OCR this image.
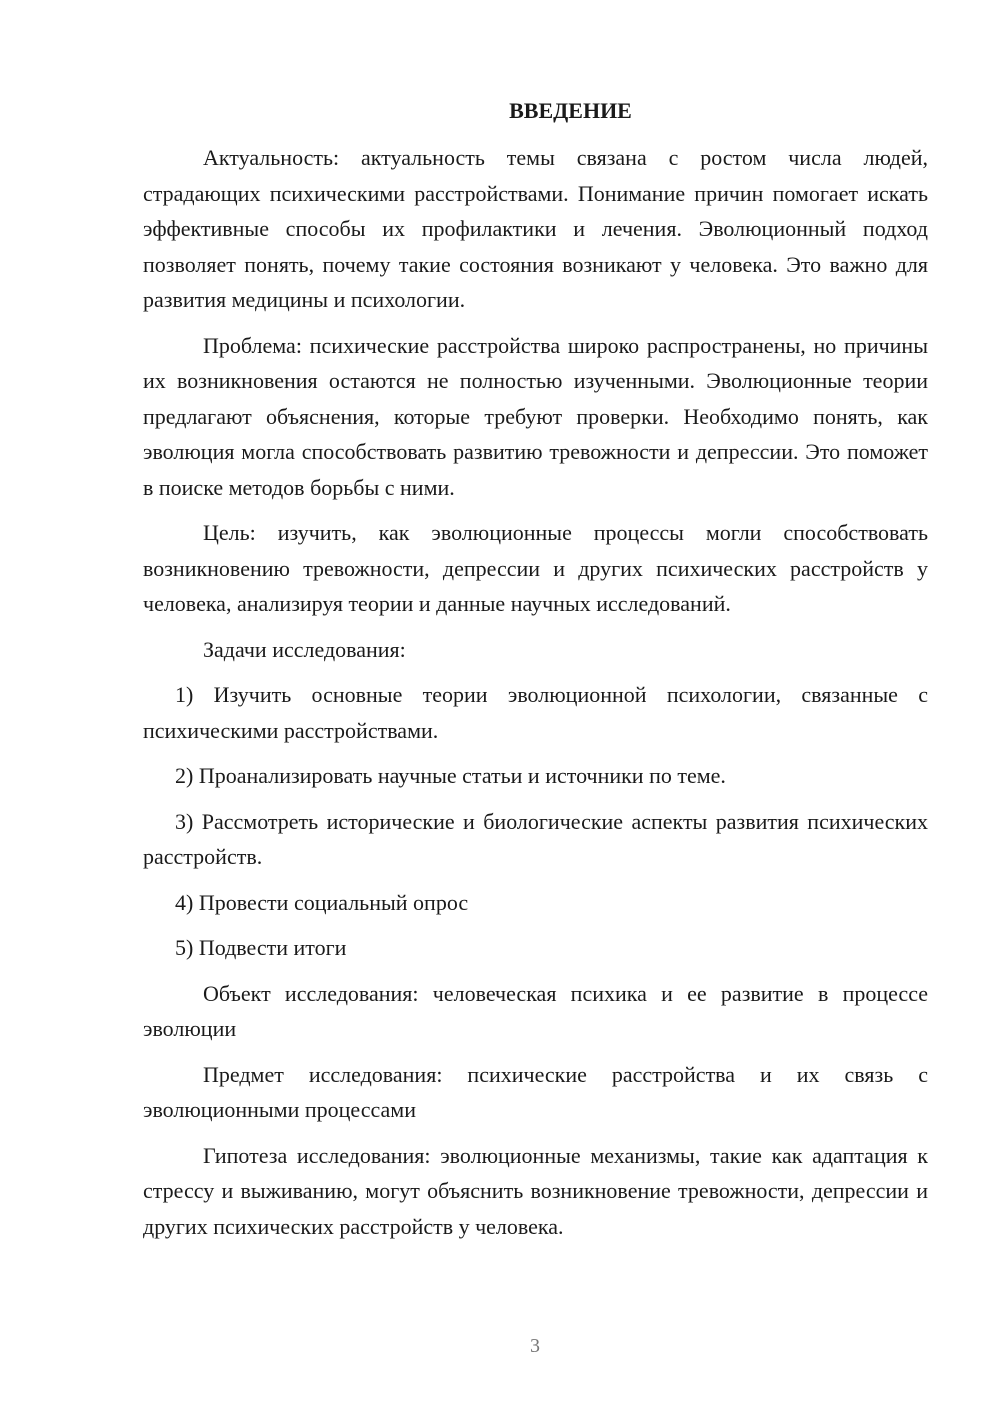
ВВЕДЕНИЕ

Актуальность: актуальность темы связана с ростом числа людей, страдающих психическими расстройствами. Понимание причин помогает искать эффективные способы их профилактики и лечения. Эволюционный подход позволяет понять, почему такие состояния возникают у человека. Это важно для развития медицины и психологии.

Проблема: психические расстройства широко распространены, но причины их возникновения остаются не полностью изученными. Эволюционные теории предлагают объяснения, которые требуют проверки. Необходимо понять, как эволюция могла способствовать развитию тревожности и депрессии. Это поможет в поиске методов борьбы с ними.

Цель: изучить, как эволюционные процессы могли способствовать возникновению тревожности, депрессии и других психических расстройств у человека, анализируя теории и данные научных исследований.

Задачи исследования:

1) Изучить основные теории эволюционной психологии, связанные с психическими расстройствами.

2) Проанализировать научные статьи и источники по теме.

3) Рассмотреть исторические и биологические аспекты развития психических расстройств.

4) Провести социальный опрос

5) Подвести итоги

Объект исследования: человеческая психика и ее развитие в процессе эволюции

Предмет исследования: психические расстройства и их связь с эволюционными процессами

Гипотеза исследования: эволюционные механизмы, такие как адаптация к стрессу и выживанию, могут объяснить возникновение тревожности, депрессии и других психических расстройств у человека.

3
